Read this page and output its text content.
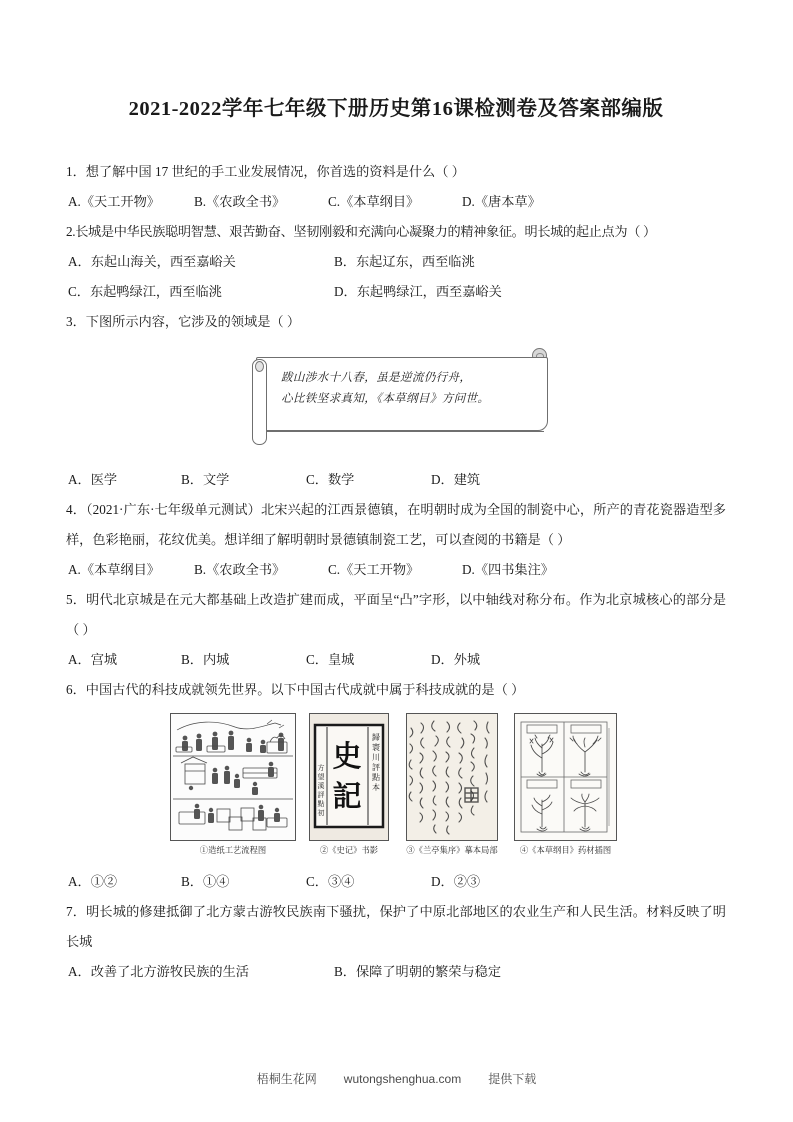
2021-2022学年七年级下册历史第16课检测卷及答案部编版

1．想了解中国 17 世纪的手工业发展情况，你首选的资料是什么（ ）

A.《天工开物》	B.《农政全书》	C.《本草纲目》	D.《唐本草》

2.长城是中华民族聪明智慧、艰苦勤奋、坚韧刚毅和充满向心凝聚力的精神象征。明长城的起止点为（ ）

A．东起山海关，西至嘉峪关	B．东起辽东，西至临洮
C．东起鸭绿江，西至临洮	D．东起鸭绿江，西至嘉峪关

3．下图所示内容，它涉及的领域是（ ）

跋山涉水十八春，虽是逆流仍行舟，
心比铁坚求真知，《本草纲目》方问世。
A．医学	B．文学	C．数学	D．建筑

4．（2021·广东·七年级单元测试）北宋兴起的江西景德镇，在明朝时成为全国的制瓷中心，所产的青花瓷器造型多样，色彩艳丽，花纹优美。想详细了解明朝时景德镇制瓷工艺，可以查阅的书籍是（ ）

A.《本草纲目》	B.《农政全书》	C.《天工开物》	D.《四书集注》

5．明代北京城是在元大都基础上改造扩建而成，平面呈“凸”字形，以中轴线对称分布。作为北京城核心的部分是（ ）

A．宫城	B．内城	C．皇城	D．外城

6．中国古代的科技成就领先世界。以下中国古代成就中属于科技成就的是（ ）

①造纸工艺流程图
史
記
歸
寰
川
評
點
本
方
望
溪
評
點
初
②《史记》书影	③《兰亭集序》摹本局部	④《本草纲目》药材插图
A．①②	B．①④	C．③④	D．②③

7．明长城的修建抵御了北方蒙古游牧民族南下骚扰，保护了中原北部地区的农业生产和人民生活。材料反映了明长城

A．改善了北方游牧民族的生活	B．保障了明朝的繁荣与稳定
梧桐生花网 wutongshenghua.com 提供下载
